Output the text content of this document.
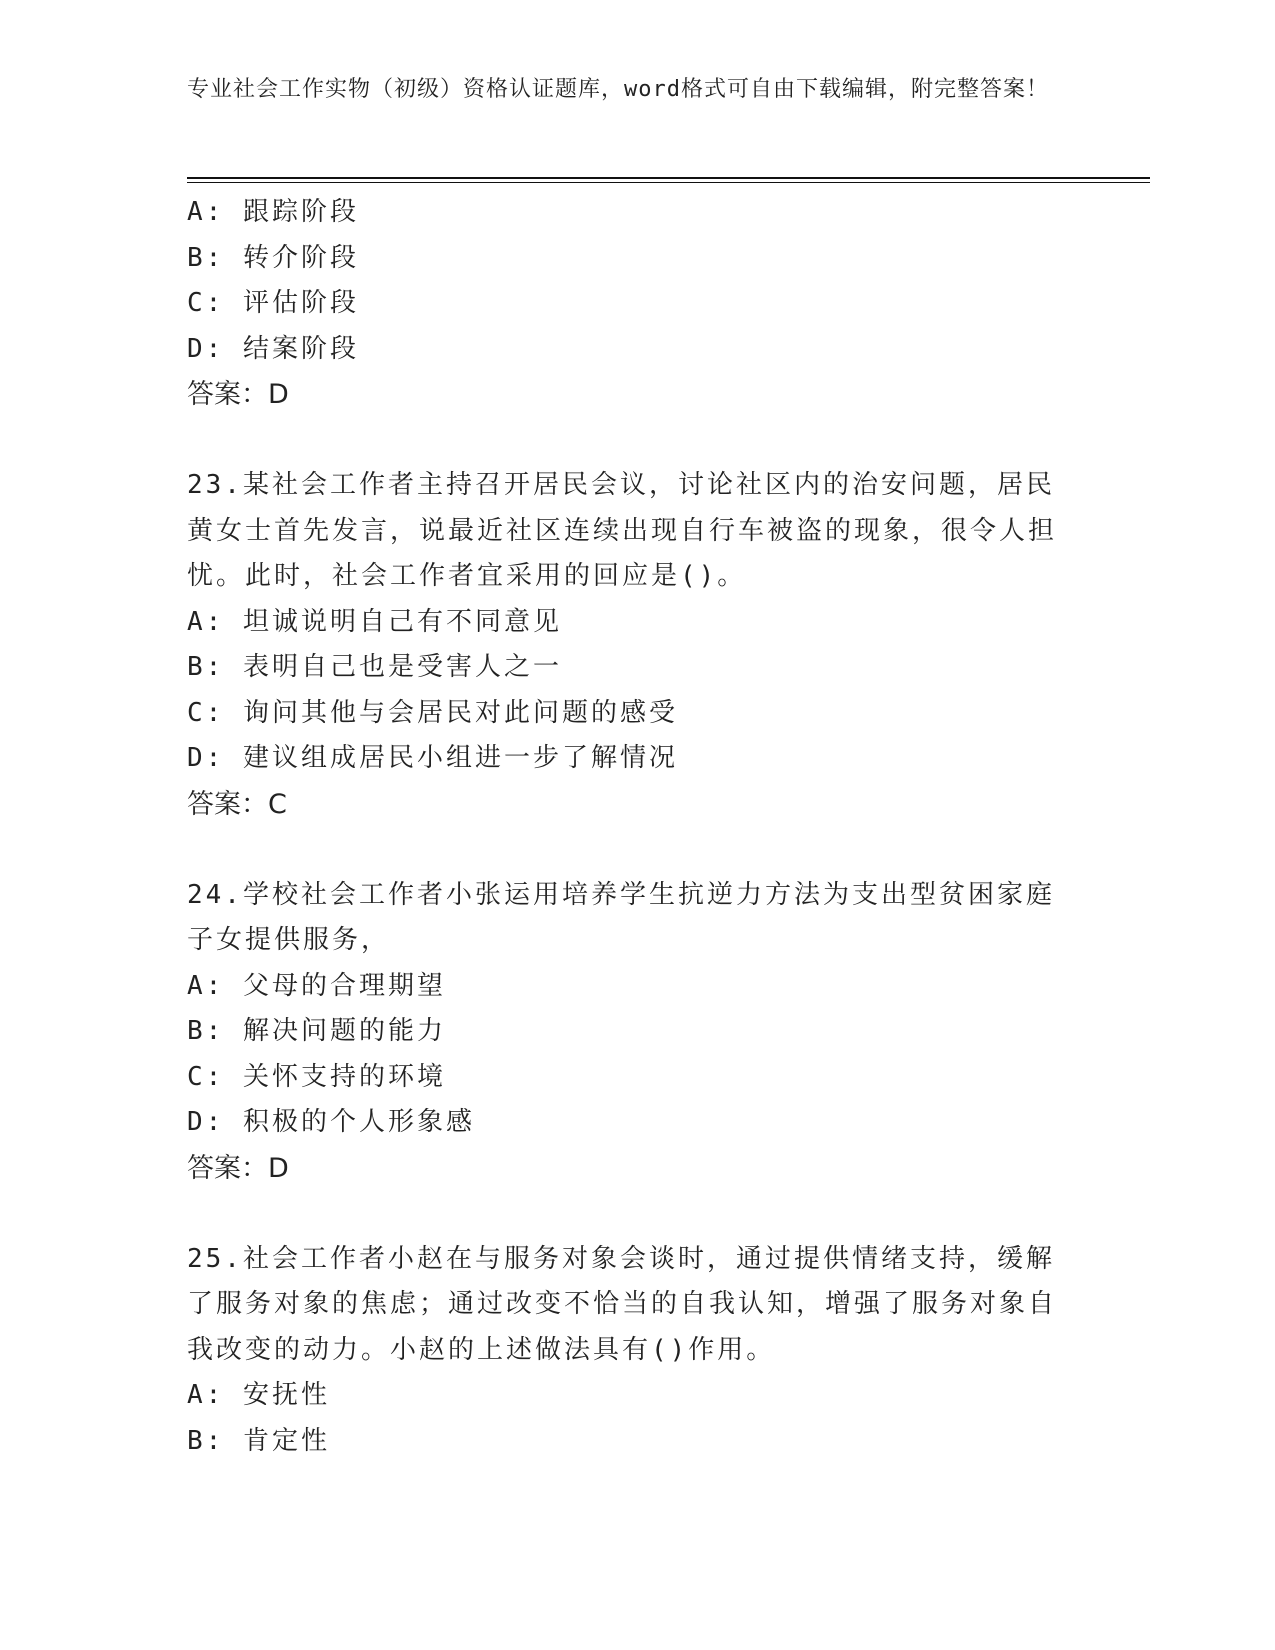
专业社会工作实物（初级）资格认证题库，word格式可自由下载编辑，附完整答案！
A: 跟踪阶段
B: 转介阶段
C: 评估阶段
D: 结案阶段
答案：D
23.某社会工作者主持召开居民会议，讨论社区内的治安问题，居民黄女士首先发言，说最近社区连续出现自行车被盗的现象，很令人担忧。此时，社会工作者宜采用的回应是()。
A: 坦诚说明自己有不同意见
B: 表明自己也是受害人之一
C: 询问其他与会居民对此问题的感受
D: 建议组成居民小组进一步了解情况
答案：C
24.学校社会工作者小张运用培养学生抗逆力方法为支出型贫困家庭子女提供服务，
A: 父母的合理期望
B: 解决问题的能力
C: 关怀支持的环境
D: 积极的个人形象感
答案：D
25.社会工作者小赵在与服务对象会谈时，通过提供情绪支持，缓解了服务对象的焦虑；通过改变不恰当的自我认知，增强了服务对象自我改变的动力。小赵的上述做法具有()作用。
A: 安抚性
B: 肯定性
